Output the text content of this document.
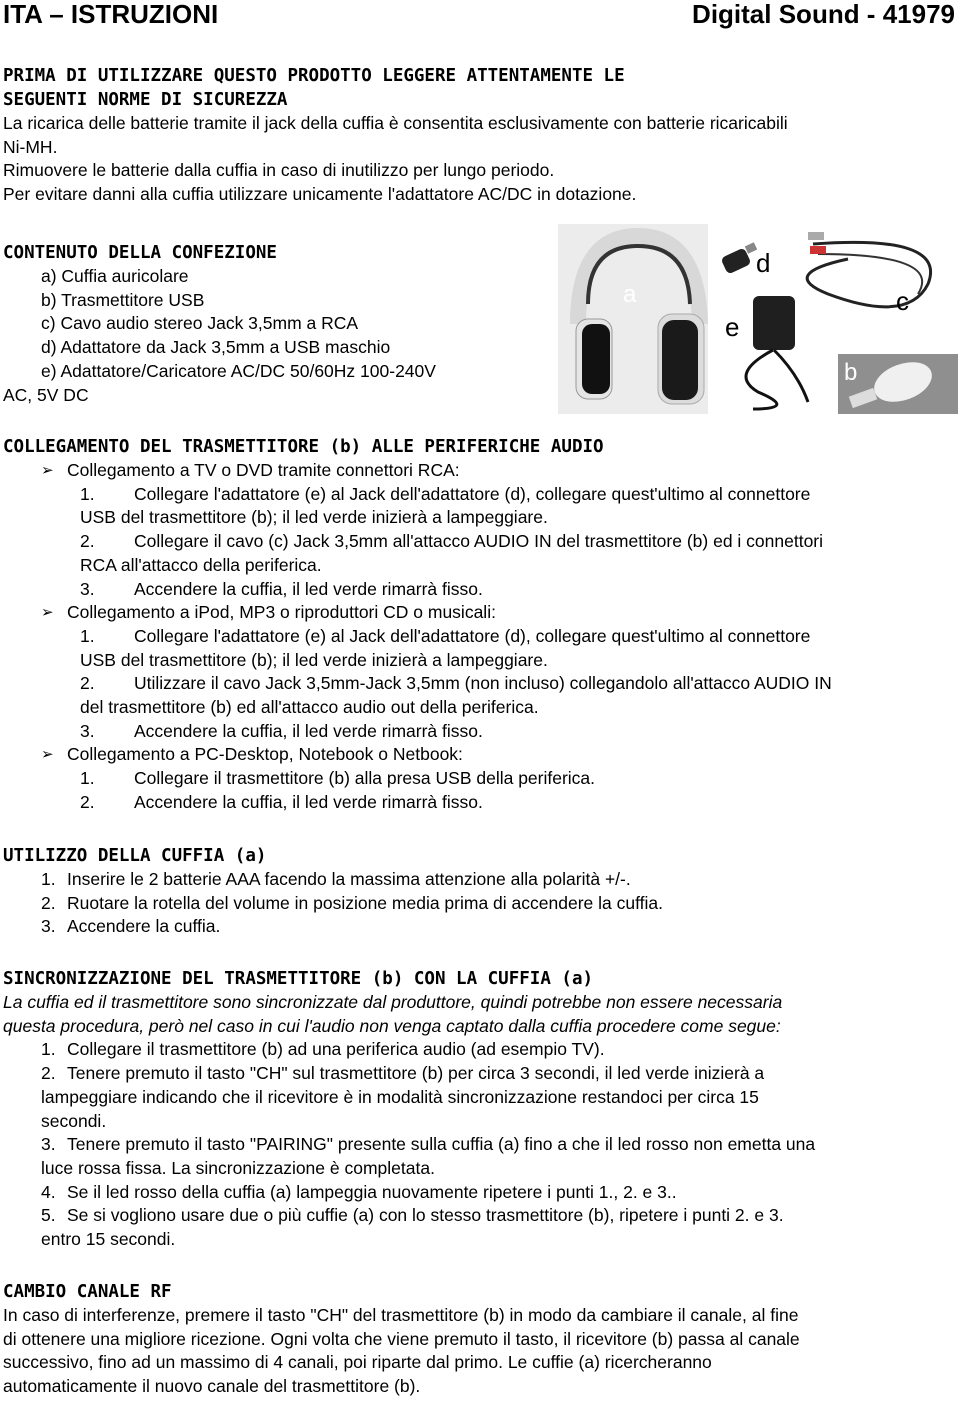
ITA – ISTRUZIONI	Digital Sound - 41979
PRIMA DI UTILIZZARE QUESTO PRODOTTO LEGGERE ATTENTAMENTE LE
SEGUENTI NORME DI SICUREZZA

La ricarica delle batterie tramite il jack della cuffia è consentita esclusivamente con batterie ricaricabili

Ni-MH.

Rimuovere le batterie dalla cuffia in caso di inutilizzo per lungo periodo.

Per evitare danni alla cuffia utilizzare unicamente l'adattatore AC/DC in dotazione.

CONTENUTO DELLA CONFEZIONE

a) Cuffia auricolare

b) Trasmettitore USB

c) Cavo audio stereo Jack 3,5mm a RCA

d) Adattatore da Jack 3,5mm a USB maschio

e) Adattatore/Caricatore AC/DC 50/60Hz 100-240V

AC, 5V DC

a
d
c
e
b
COLLEGAMENTO DEL TRASMETTITORE (b) ALLE PERIFERICHE AUDIO
➢ Collegamento a TV o DVD tramite connettori RCA:

1. Collegare l'adattatore (e) al Jack dell'adattatore (d), collegare quest'ultimo al connettore

USB del trasmettitore (b); il led verde inizierà a lampeggiare.

2. Collegare il cavo (c) Jack 3,5mm all'attacco AUDIO IN del trasmettitore (b) ed i connettori

RCA all'attacco della periferica.

3. Accendere la cuffia, il led verde rimarrà fisso.

➢ Collegamento a iPod, MP3 o riproduttori CD o musicali:

1. Collegare l'adattatore (e) al Jack dell'adattatore (d), collegare quest'ultimo al connettore

USB del trasmettitore (b); il led verde inizierà a lampeggiare.

2. Utilizzare il cavo Jack 3,5mm-Jack 3,5mm (non incluso) collegandolo all'attacco AUDIO IN

del trasmettitore (b) ed all'attacco audio out della periferica.

3. Accendere la cuffia, il led verde rimarrà fisso.

➢ Collegamento a PC-Desktop, Notebook o Netbook:

1. Collegare il trasmettitore (b) alla presa USB della periferica.

2. Accendere la cuffia, il led verde rimarrà fisso.

UTILIZZO DELLA CUFFIA (a)

1. Inserire le 2 batterie AAA facendo la massima attenzione alla polarità +/-.

2. Ruotare la rotella del volume in posizione media prima di accendere la cuffia.

3. Accendere la cuffia.

SINCRONIZZAZIONE DEL TRASMETTITORE (b) CON LA CUFFIA (a)

La cuffia ed il trasmettitore sono sincronizzate dal produttore, quindi potrebbe non essere necessaria

questa procedura, però nel caso in cui l'audio non venga captato dalla cuffia procedere come segue:

1. Collegare il trasmettitore (b) ad una periferica audio (ad esempio TV).

2. Tenere premuto il tasto "CH" sul trasmettitore (b) per circa 3 secondi, il led verde inizierà a

lampeggiare indicando che il ricevitore è in modalità sincronizzazione restandoci per circa 15

secondi.

3. Tenere premuto il tasto "PAIRING" presente sulla cuffia (a) fino a che il led rosso non emetta una

luce rossa fissa. La sincronizzazione è completata.

4. Se il led rosso della cuffia (a) lampeggia nuovamente ripetere i punti 1., 2. e 3..

5. Se si vogliono usare due o più cuffie (a) con lo stesso trasmettitore (b), ripetere i punti 2. e 3.

entro 15 secondi.

CAMBIO CANALE RF

In caso di interferenze, premere il tasto "CH" del trasmettitore (b) in modo da cambiare il canale, al fine

di ottenere una migliore ricezione. Ogni volta che viene premuto il tasto, il ricevitore (b) passa al canale

successivo, fino ad un massimo di 4 canali, poi riparte dal primo. Le cuffie (a) ricercheranno

automaticamente il nuovo canale del trasmettitore (b).
